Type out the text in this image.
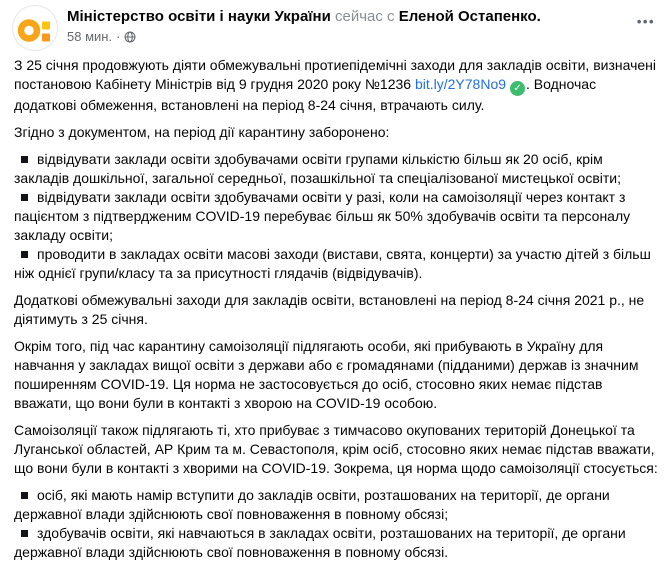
Міністерство освіти і науки України сейчас с Еленой Остапенко.
58 мин. ·
•••

З 25 січня продовжують діяти обмежувальні протиепідемічні заходи для закладів освіти, визначені постановою Кабінету Міністрів від 9 грудня 2020 року №1236 bit.ly/2Y78No9 ✓ . Водночас додаткові обмеження, встановлені на період 8-24 січня, втрачають силу.

Згідно з документом, на період дії карантину заборонено:

відвідувати заклади освіти здобувачами освіти групами кількістю більш як 20 осіб, крім закладів дошкільної, загальної середньої, позашкільної та спеціалізованої мистецької освіти;

відвідувати заклади освіти здобувачами освіти у разі, коли на самоізоляції через контакт з пацієнтом з підтвердженим COVID-19 перебуває більш як 50% здобувачів освіти та персоналу закладу освіти;

проводити в закладах освіти масові заходи (вистави, свята, концерти) за участю дітей з більш ніж однієї групи/класу та за присутності глядачів (відвідувачів).

Додаткові обмежувальні заходи для закладів освіти, встановлені на період 8-24 січня 2021 р., не діятимуть з 25 січня.

Окрім того, під час карантину самоізоляції підлягають особи, які прибувають в Україну для навчання у закладах вищої освіти з держави або є громадянами (підданими) держав із значним поширенням COVID-19. Ця норма не застосовується до осіб, стосовно яких немає підстав вважати, що вони були в контакті з хворою на COVID-19 особою.

Самоізоляції також підлягають ті, хто прибуває з тимчасово окупованих територій Донецької та Луганської областей, АР Крим та м. Севастополя, крім осіб, стосовно яких немає підстав вважати, що вони були в контакті з хворими на COVID-19. Зокрема, ця норма щодо самоізоляції стосується:

осіб, які мають намір вступити до закладів освіти, розташованих на території, де органи державної влади здійснюють свої повноваження в повному обсязі;

здобувачів освіти, які навчаються в закладах освіти, розташованих на території, де органи державної влади здійснюють свої повноваження в повному обсязі.
